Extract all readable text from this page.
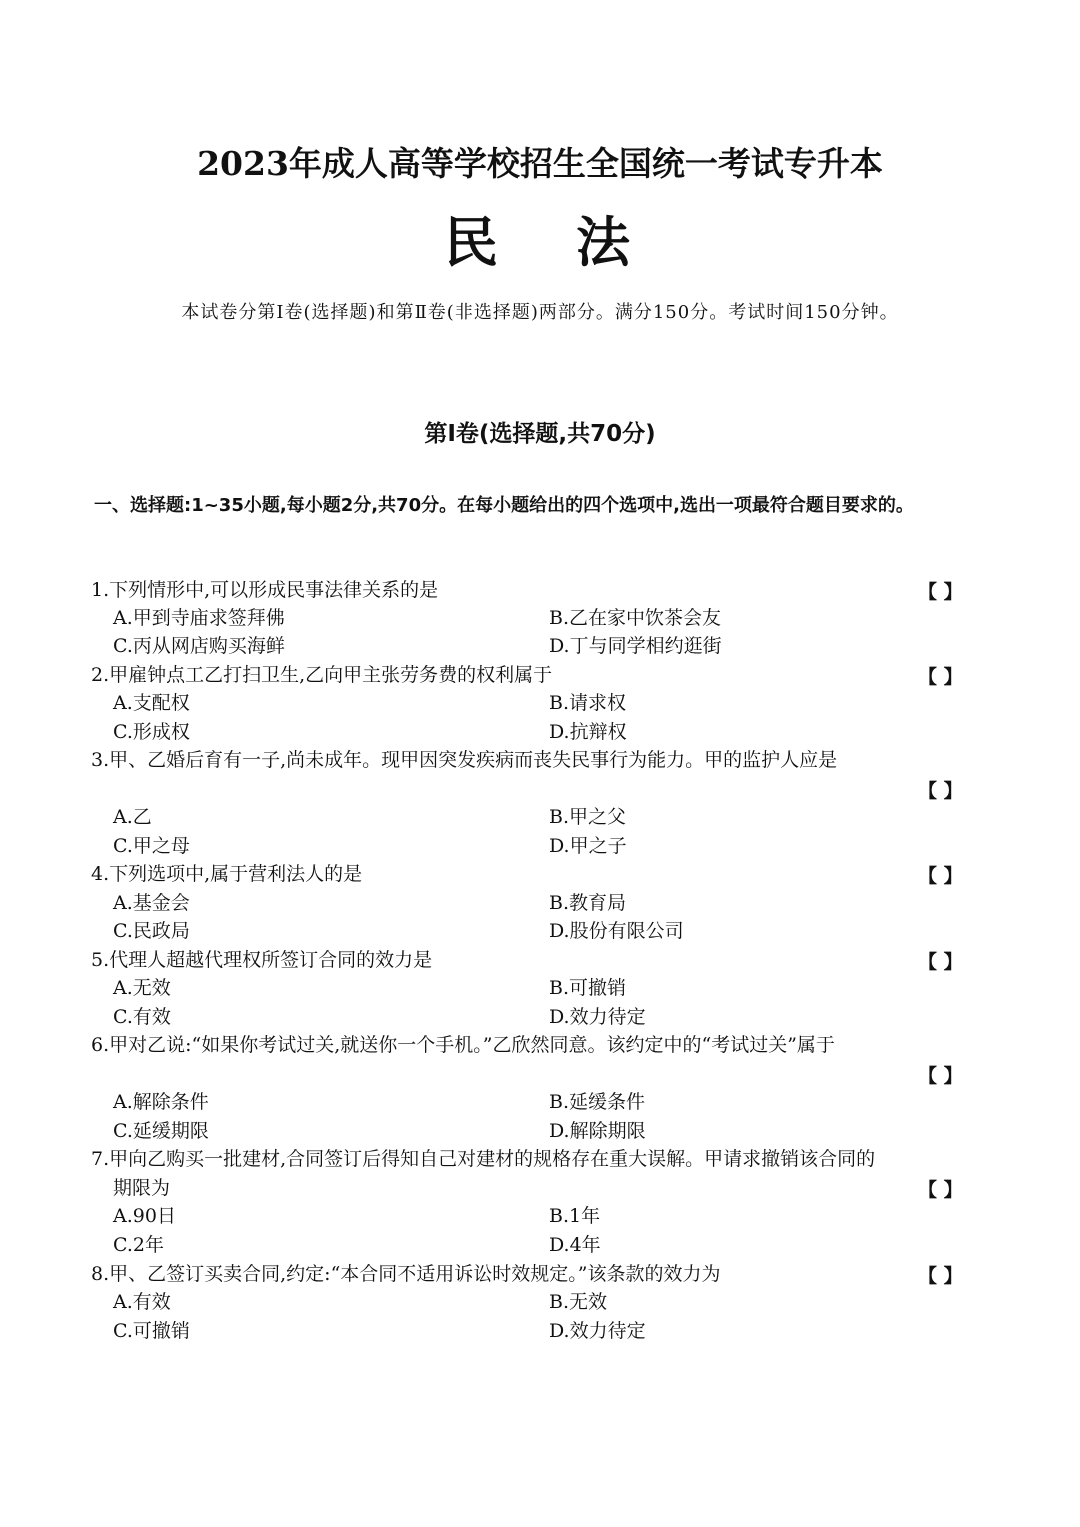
2023年成人高等学校招生全国统一考试专升本
民 法
本试卷分第Ⅰ卷(选择题)和第Ⅱ卷(非选择题)两部分。满分150分。考试时间150分钟。
第Ⅰ卷(选择题,共70分)
一、选择题:1~35小题,每小题2分,共70分。在每小题给出的四个选项中,选出一项最符合题目要求的。
1.下列情形中,可以形成民事法律关系的是	【 】
A.甲到寺庙求签拜佛	B.乙在家中饮茶会友
C.丙从网店购买海鲜	D.丁与同学相约逛街
2.甲雇钟点工乙打扫卫生,乙向甲主张劳务费的权利属于	【 】
A.支配权	B.请求权
C.形成权	D.抗辩权
3.甲、乙婚后育有一子,尚未成年。现甲因突发疾病而丧失民事行为能力。甲的监护人应是
【 】
A.乙	B.甲之父
C.甲之母	D.甲之子
4.下列选项中,属于营利法人的是	【 】
A.基金会	B.教育局
C.民政局	D.股份有限公司
5.代理人超越代理权所签订合同的效力是	【 】
A.无效	B.可撤销
C.有效	D.效力待定
6.甲对乙说:“如果你考试过关,就送你一个手机。”乙欣然同意。该约定中的“考试过关”属于
【 】
A.解除条件	B.延缓条件
C.延缓期限	D.解除期限
7.甲向乙购买一批建材,合同签订后得知自己对建材的规格存在重大误解。甲请求撤销该合同的
期限为	【 】
A.90日	B.1年
C.2年	D.4年
8.甲、乙签订买卖合同,约定:“本合同不适用诉讼时效规定。”该条款的效力为	【 】
A.有效	B.无效
C.可撤销	D.效力待定
